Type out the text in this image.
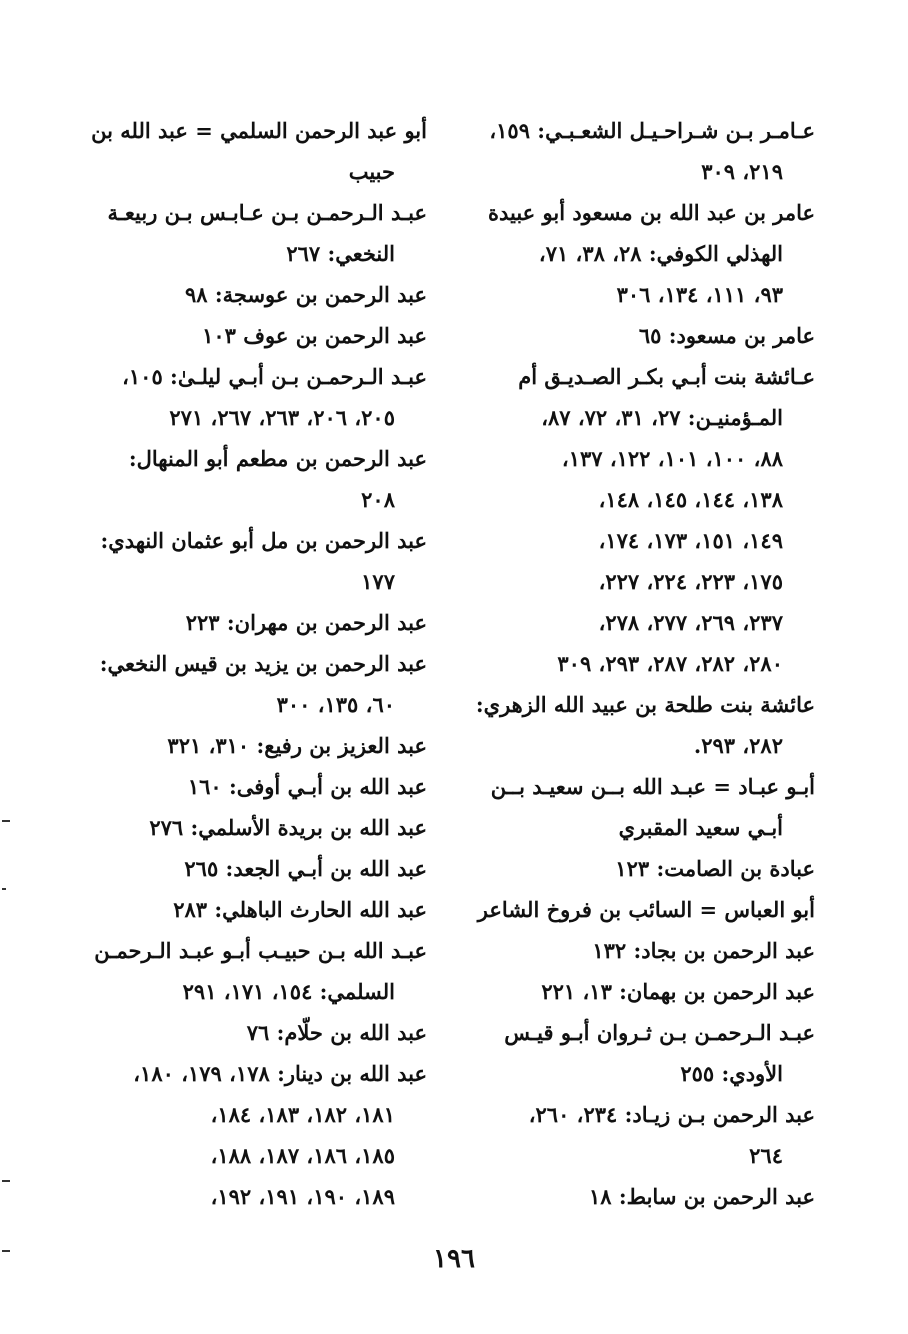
عـامـر بـن شـراحـيـل الشعـبـي: ١٥٩،
٢١٩، ٣٠٩
عامر بن عبد الله بن مسعود أبو عبيدة
الهذلي الكوفي: ٢٨، ٣٨، ٧١،
٩٣، ١١١، ١٣٤، ٣٠٦
عامر بن مسعود: ٦٥
عـائشة بنت أبـي بكـر الصـديـق أم
المـؤمنيـن: ٢٧، ٣١، ٧٢، ٨٧،
٨٨، ١٠٠، ١٠١، ١٢٢، ١٣٧،
١٣٨، ١٤٤، ١٤٥، ١٤٨،
١٤٩، ١٥١، ١٧٣، ١٧٤،
١٧٥، ٢٢٣، ٢٢٤، ٢٢٧،
٢٣٧، ٢٦٩، ٢٧٧، ٢٧٨،
٢٨٠، ٢٨٢، ٢٨٧، ٢٩٣، ٣٠٩
عائشة بنت طلحة بن عبيد الله الزهري:
٢٨٢، ٢٩٣.
أبـو عبـاد = عبـد الله بــن سعيـد بــن
أبـي سعيد المقبري
عبادة بن الصامت: ١٢٣
أبو العباس = السائب بن فروخ الشاعر
عبد الرحمن بن بجاد: ١٣٢
عبد الرحمن بن بهمان: ١٣، ٢٢١
عبـد الـرحمـن بـن ثـروان أبـو قيـس
الأودي: ٢٥٥
عبد الرحمن بـن زيـاد: ٢٣٤، ٢٦٠،
٢٦٤
عبد الرحمن بن سابط: ١٨
أبو عبد الرحمن السلمي = عبد الله بن
حبيب
عبـد الـرحمـن بـن عـابـس بـن ربيعـة
النخعي: ٢٦٧
عبد الرحمن بن عوسجة: ٩٨
عبد الرحمن بن عوف ١٠٣
عبـد الـرحمـن بـن أبـي ليلـىٰ: ١٠٥،
٢٠٥، ٢٠٦، ٢٦٣، ٢٦٧، ٢٧١
عبد الرحمن بن مطعم أبو المنهال:
٢٠٨
عبد الرحمن بن مل أبو عثمان النهدي:
١٧٧
عبد الرحمن بن مهران: ٢٢٣
عبد الرحمن بن يزيد بن قيس النخعي:
٦٠، ١٣٥، ٣٠٠
عبد العزيز بن رفيع: ٣١٠، ٣٢١
عبد الله بن أبـي أوفى: ١٦٠
عبد الله بن بريدة الأسلمي: ٢٧٦
عبد الله بن أبـي الجعد: ٢٦٥
عبد الله الحارث الباهلي: ٢٨٣
عبـد الله بـن حبيـب أبـو عبـد الـرحمـن
السلمي: ١٥٤، ١٧١، ٢٩١
عبد الله بن حلّام: ٧٦
عبد الله بن دينار: ١٧٨، ١٧٩، ١٨٠،
١٨١، ١٨٢، ١٨٣، ١٨٤،
١٨٥، ١٨٦، ١٨٧، ١٨٨،
١٨٩، ١٩٠، ١٩١، ١٩٢،
١٩٦
